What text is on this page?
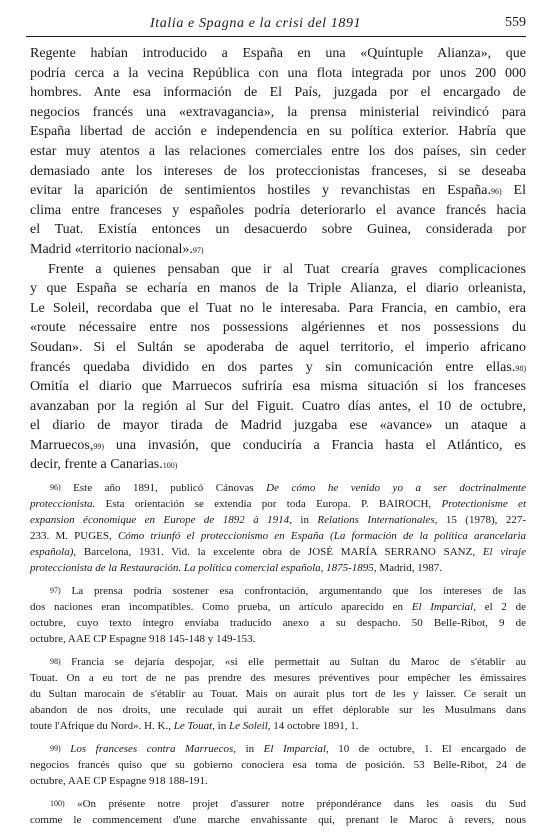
Italia e Spagna e la crisi del 1891	559
Regente habían introducido a España en una «Quíntuple Alianza», que
podría cerca a la vecina República con una flota integrada por unos 200 000
hombres. Ante esa información de El País, juzgada por el encargado de
negocios francés una «extravagancia», la prensa ministerial reivindicó para
España libertad de acción e independencia en su política exterior. Habría que
estar muy atentos a las relaciones comerciales entre los dos países, sin ceder
demasiado ante los intereses de los proteccionistas franceses, si se deseaba
evitar la aparición de sentimientos hostiles y revanchistas en España.$^{96)}$ El
clima entre franceses y españoles podría deteriorarlo el avance francés hacia
el Tuat. Existía entonces un desacuerdo sobre Guinea, considerada por
Madrid «territorio nacional».$^{97)}$
Frente a quienes pensaban que ir al Tuat crearía graves complicaciones
y que España se echaría en manos de la Triple Alianza, el diario orleanista,
Le Soleil, recordaba que el Tuat no le interesaba. Para Francia, en cambio, era
«route nécessaire entre nos possessions algériennes et nos possessions du
Soudan». Si el Sultán se apoderaba de aquel territorio, el imperio africano
francés quedaba dividido en dos partes y sin comunicación entre ellas.$^{98)}$
Omitía el diario que Marruecos sufriría esa misma situación si los franceses
avanzaban por la región al Sur del Figuit. Cuatro días antes, el 10 de octubre,
el diario de mayor tirada de Madrid juzgaba ese «avance» un ataque a
Marruecos,$^{99)}$ una invasión, que conduciría a Francia hasta el Atlántico, es
decir, frente a Canarias.$^{100)}$
$^{96)}$ Este año 1891, publicó Cánovas De cómo he venido yo a ser doctrinalmente
proteccionista. Esta orientación se extendía por toda Europa. P. BAIROCH, Protectionisme et
expansion économique en Europe de 1892 à 1914, in Relations Internationales, 15 (1978), 227-
233. M. PUGES, Cómo triunfó el proteccionismo en España (La formación de la política arancelaria
española), Barcelona, 1931. Vid. la excelente obra de JOSÉ MARÍA SERRANO SANZ, El viraje
proteccionista de la Restauración. La política comercial española, 1875-1895, Madrid, 1987.
$^{97)}$ La prensa podría sostener esa confrontación, argumentando que los intereses de las
dos naciones eran incompatibles. Como prueba, un artículo aparecido en El Imparcial, el 2 de
octubre, cuyo texto íntegro enviaba traducido anexo a su despacho. 50 Belle-Ribot, 9 de
octubre, AAE CP Espagne 918 145-148 y 149-153.
$^{98)}$ Francia se dejaría despojar, «si elle permettait au Sultan du Maroc de s'établir au
Touat. On a eu tort de ne pas prendre des mesures préventives pour empêcher les émissaires
du Sultan marocain de s'établir au Touat. Mais on aurait plus tort de les y laisser. Ce serait un
abandon de nos droits, une reculade qui aurait un effet déplorable sur les Musulmans dans
toute l'Afrique du Nord». H. K., Le Touat, in Le Soleil, 14 octobre 1891, 1.
$^{99)}$ Los franceses contra Marruecos, in El Imparcial, 10 de octubre, 1. El encargado de
negocios francés quiso que su gobierno conociera esa toma de posición. 53 Belle-Ribot, 24 de
octubre, AAE CP Espagne 918 188-191.
$^{100)}$ «On présente notre projet d'assurer notre prépondérance dans les oasis du Sud
comme le commencement d'une marche envahissante qui, prenant le Maroc à revers, nous
